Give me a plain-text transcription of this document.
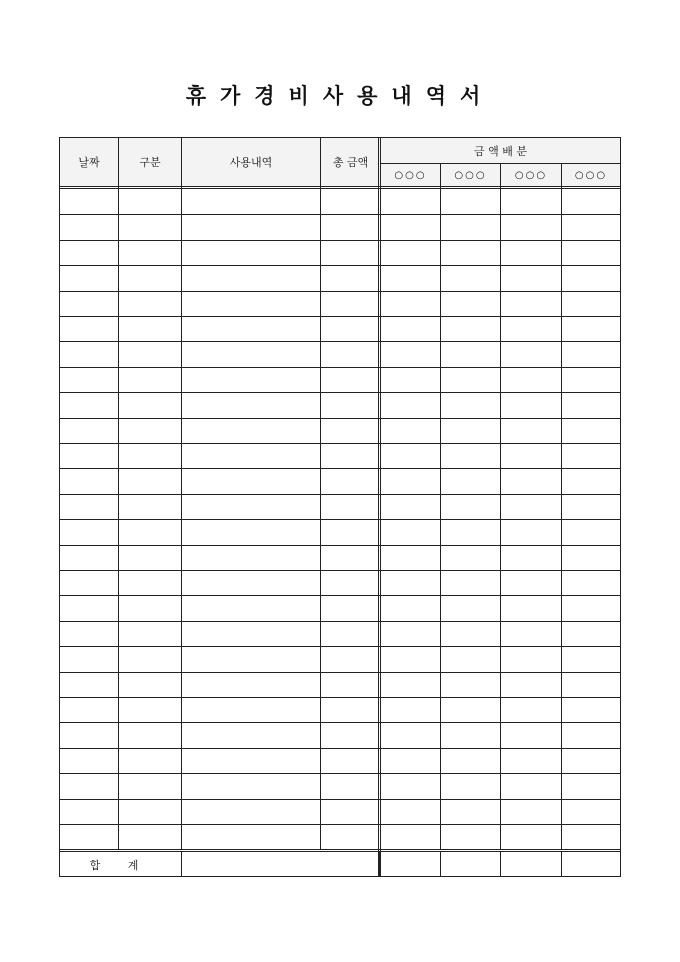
휴가경비사용내역서
날짜	구분	사용내역	총 금액
금 액 배 분
○○○	○○○	○○○	○○○
합 계
